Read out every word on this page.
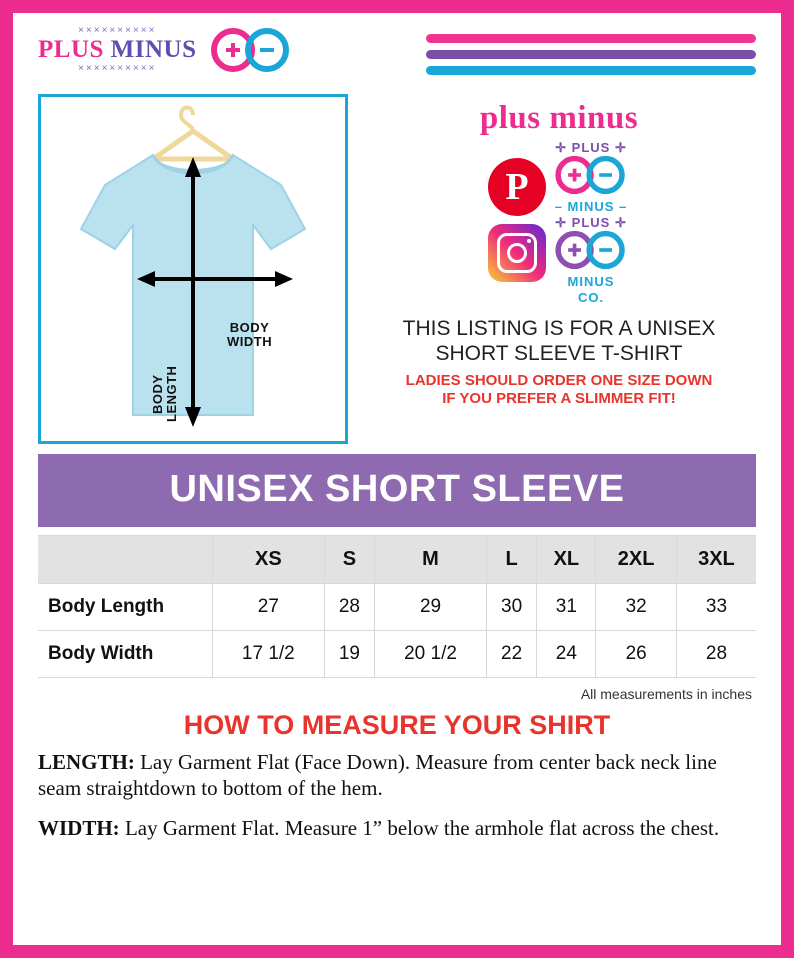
××××××××××
PLUS MINUS
××××××××××
BODY
WIDTH
BODY LENGTH
plus minus
P
✛ PLUS ✛
– MINUS –
✛ PLUS ✛
MINUS
CO.
THIS LISTING IS FOR A UNISEX
SHORT SLEEVE T-SHIRT
LADIES SHOULD ORDER ONE SIZE DOWN
IF YOU PREFER A SLIMMER FIT!
UNISEX SHORT SLEEVE
	XS	S	M	L	XL	2XL	3XL
Body Length	27	28	29	30	31	32	33
Body Width	17 1/2	19	20 1/2	22	24	26	28
All measurements in inches
HOW TO MEASURE YOUR SHIRT

LENGTH: Lay Garment Flat (Face Down). Measure from center back neck line seam straightdown to bottom of the hem.

WIDTH: Lay Garment Flat. Measure 1” below the armhole flat across the chest.
